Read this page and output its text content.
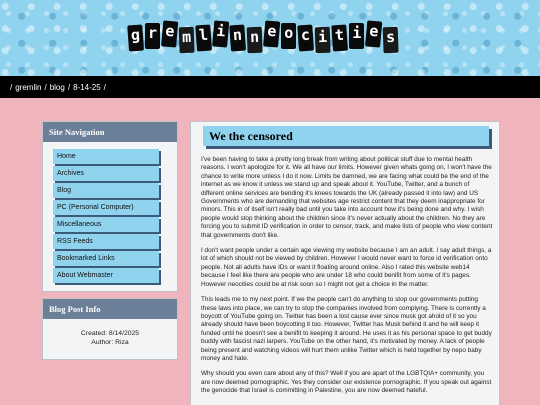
g r e m l i n n e o c i t i e s
/ gremlin / blog / 8-14-25 /
Site Navigation
Home
Archives
Blog
PC (Personal Computer)
Miscellaneous
RSS Feeds
Bookmarked Links
About Webmaster
Blog Post Info
Created: 8/14/2025
Author: Riza
We the censored

I've been having to take a pretty long break from writing about political stuff due to mental health reasons. I won't apologize for it. We all have our limits. However given whats going on, I won't have the chance to write more unless I do it now. Limits be damned, we are facing what could be the end of the internet as we know it unless we stand up and speak about it. YouTube, Twitter, and a bunch of different online services are bending it's knees towards the UK (already passed it into law) and US Governments who are demanding that websites age restrict content that they deem inappropriate for minors. This in of itself isn't really bad until you take into account how it's being done and why. I wish people would stop thinking about the children since it's never actually about the children. No they are forcing you to submit ID verification in order to censor, track, and make lists of people who view content that governments don't like.

I don't want people under a certain age viewing my website because I am an adult. I say adult things, a lot of which should not be viewed by children. However I would never want to force id verification onto people. Not all adults have IDs or want it floating around online. Also I rated this website web14 because I feel like there are people who are under 18 who could benifit from some of it's pages. However neocities could be at risk soon so I might not get a choice in the matter.

This leads me to my next point. If we the people can't do anything to stop our governments putting these laws into place, we can try to stop the companies involved from complying. There is currently a boycott of YouTube going on. Twitter has been a lost cause ever since musk got ahold of it so you already should have been boycotting it too. However, Twitter has Musk behind it and he will keep it funded until he doesn't see a benifit to keeping it around. He uses it as his personal space to get buddy buddy with fascist nazi larpers. YouTube on the other hand, it's motivated by money. A lack of people being present and watching videos will hurt them unlike Twitter which is held together by nepo baby money and hate.

Why should you even care about any of this? Well if you are apart of the LGBTQIA+ community, you are now deemed pornographic. Yes they consider our existence pornographic. If you speak out against the genocide that Israel is committing in Palestine, you are now deemed hateful.
